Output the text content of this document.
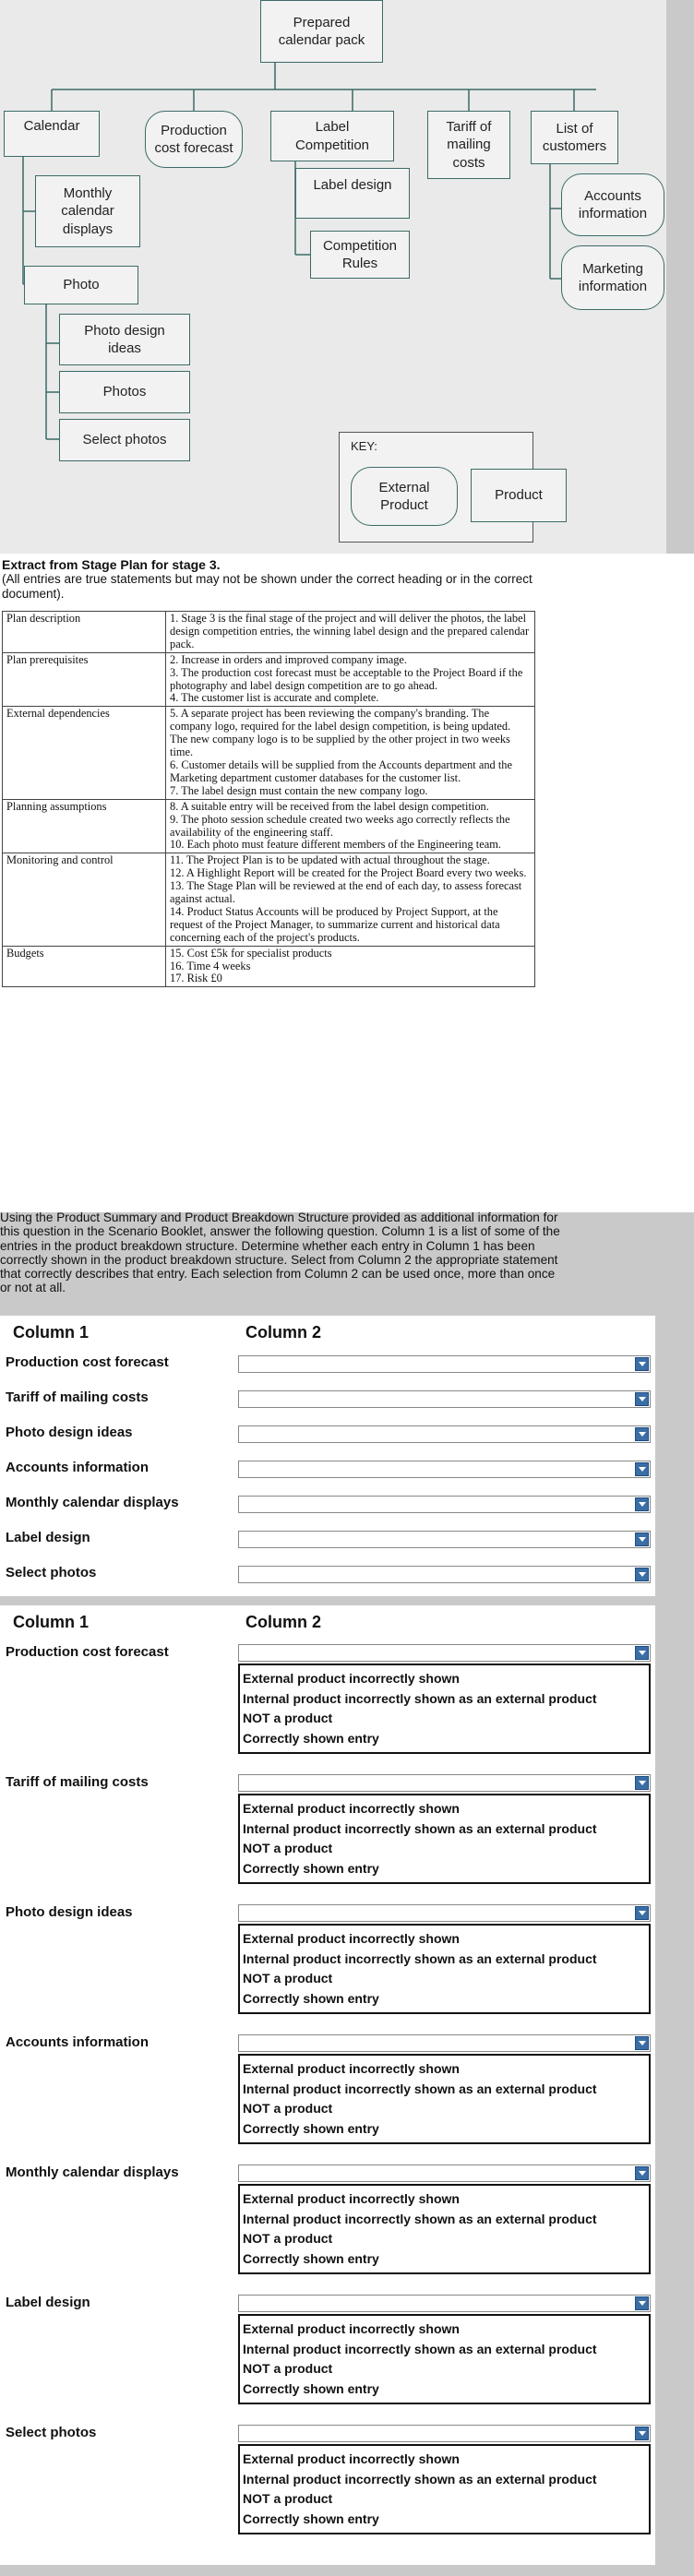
Prepared
calendar pack
Calendar	Production
cost forecast
Label
Competition
Tariff of
mailing
costs
List of
customers
Monthly
calendar
displays
Photo
Photo design
ideas
Photos
Select photos
Label design
Competition
Rules
Accounts
information
Marketing
information
KEY:
External
Product
Product
Extract from Stage Plan for stage 3.
(All entries are true statements but may not be shown under the correct heading or in the correct document).
Plan description	1. Stage 3 is the final stage of the project and will deliver the photos, the label design competition entries, the winning label design and the prepared calendar pack.
Plan prerequisites	2. Increase in orders and improved company image.
3. The production cost forecast must be acceptable to the Project Board if the photography and label design competition are to go ahead.
4. The customer list is accurate and complete.
External dependencies	5. A separate project has been reviewing the company's branding. The company logo, required for the label design competition, is being updated. The new company logo is to be supplied by the other project in two weeks time.
6. Customer details will be supplied from the Accounts department and the Marketing department customer databases for the customer list.
7. The label design must contain the new company logo.
Planning assumptions	8. A suitable entry will be received from the label design competition.
9. The photo session schedule created two weeks ago correctly reflects the availability of the engineering staff.
10. Each photo must feature different members of the Engineering team.
Monitoring and control	11. The Project Plan is to be updated with actual throughout the stage.
12. A Highlight Report will be created for the Project Board every two weeks.
13. The Stage Plan will be reviewed at the end of each day, to assess forecast against actual.
14. Product Status Accounts will be produced by Project Support, at the request of the Project Manager, to summarize current and historical data concerning each of the project's products.
Budgets	15. Cost £5k for specialist products
16. Time 4 weeks
17. Risk £0
Using the Product Summary and Product Breakdown Structure provided as additional information for this question in the Scenario Booklet, answer the following question. Column 1 is a list of some of the entries in the product breakdown structure. Determine whether each entry in Column 1 has been correctly shown in the product breakdown structure. Select from Column 2 the appropriate statement that correctly describes that entry. Each selection from Column 2 can be used once, more than once or not at all.
Column 1	Column 2
Production cost forecast
Tariff of mailing costs
Photo design ideas
Accounts information
Monthly calendar displays
Label design
Select photos
Column 1	Column 2
Production cost forecast
External product incorrectly shown
Internal product incorrectly shown as an external product
NOT a product
Correctly shown entry
Tariff of mailing costs
External product incorrectly shown
Internal product incorrectly shown as an external product
NOT a product
Correctly shown entry
Photo design ideas
External product incorrectly shown
Internal product incorrectly shown as an external product
NOT a product
Correctly shown entry
Accounts information
External product incorrectly shown
Internal product incorrectly shown as an external product
NOT a product
Correctly shown entry
Monthly calendar displays
External product incorrectly shown
Internal product incorrectly shown as an external product
NOT a product
Correctly shown entry
Label design
External product incorrectly shown
Internal product incorrectly shown as an external product
NOT a product
Correctly shown entry
Select photos
External product incorrectly shown
Internal product incorrectly shown as an external product
NOT a product
Correctly shown entry
